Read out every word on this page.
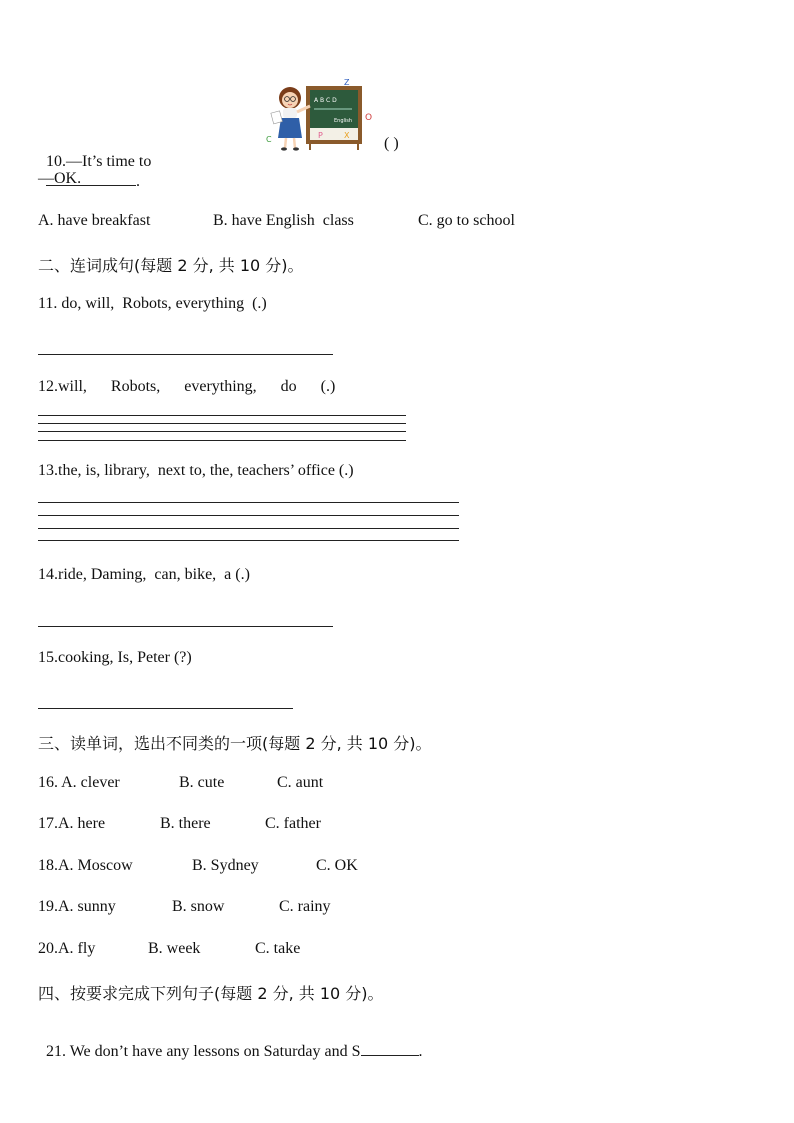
A B C D
English
P	X
Z
O
C

10.—It’s time to
.

( )
—OK.
A. have breakfast	B. have English  class	C. go to school
二、连词成句(每题 2 分, 共 10 分)。
11. do, will,  Robots, everything  (.)
12.will,      Robots,      everything,      do      (.)
13.the, is, library,  next to, the, teachers’ office (.)
14.ride, Daming,  can, bike,  a (.)
15.cooking, Is, Peter (?)
三、读单词，选出不同类的一项(每题 2 分, 共 10 分)。
16. A. clever	B. cute	C. aunt
17.A. here	B. there	C. father
18.A. Moscow	B. Sydney	C. OK
19.A. sunny	B. snow	C. rainy
20.A. fly	B. week	C. take
四、按要求完成下列句子(每题 2 分, 共 10 分)。

21. We don’t have any lessons on Saturday and S	.
